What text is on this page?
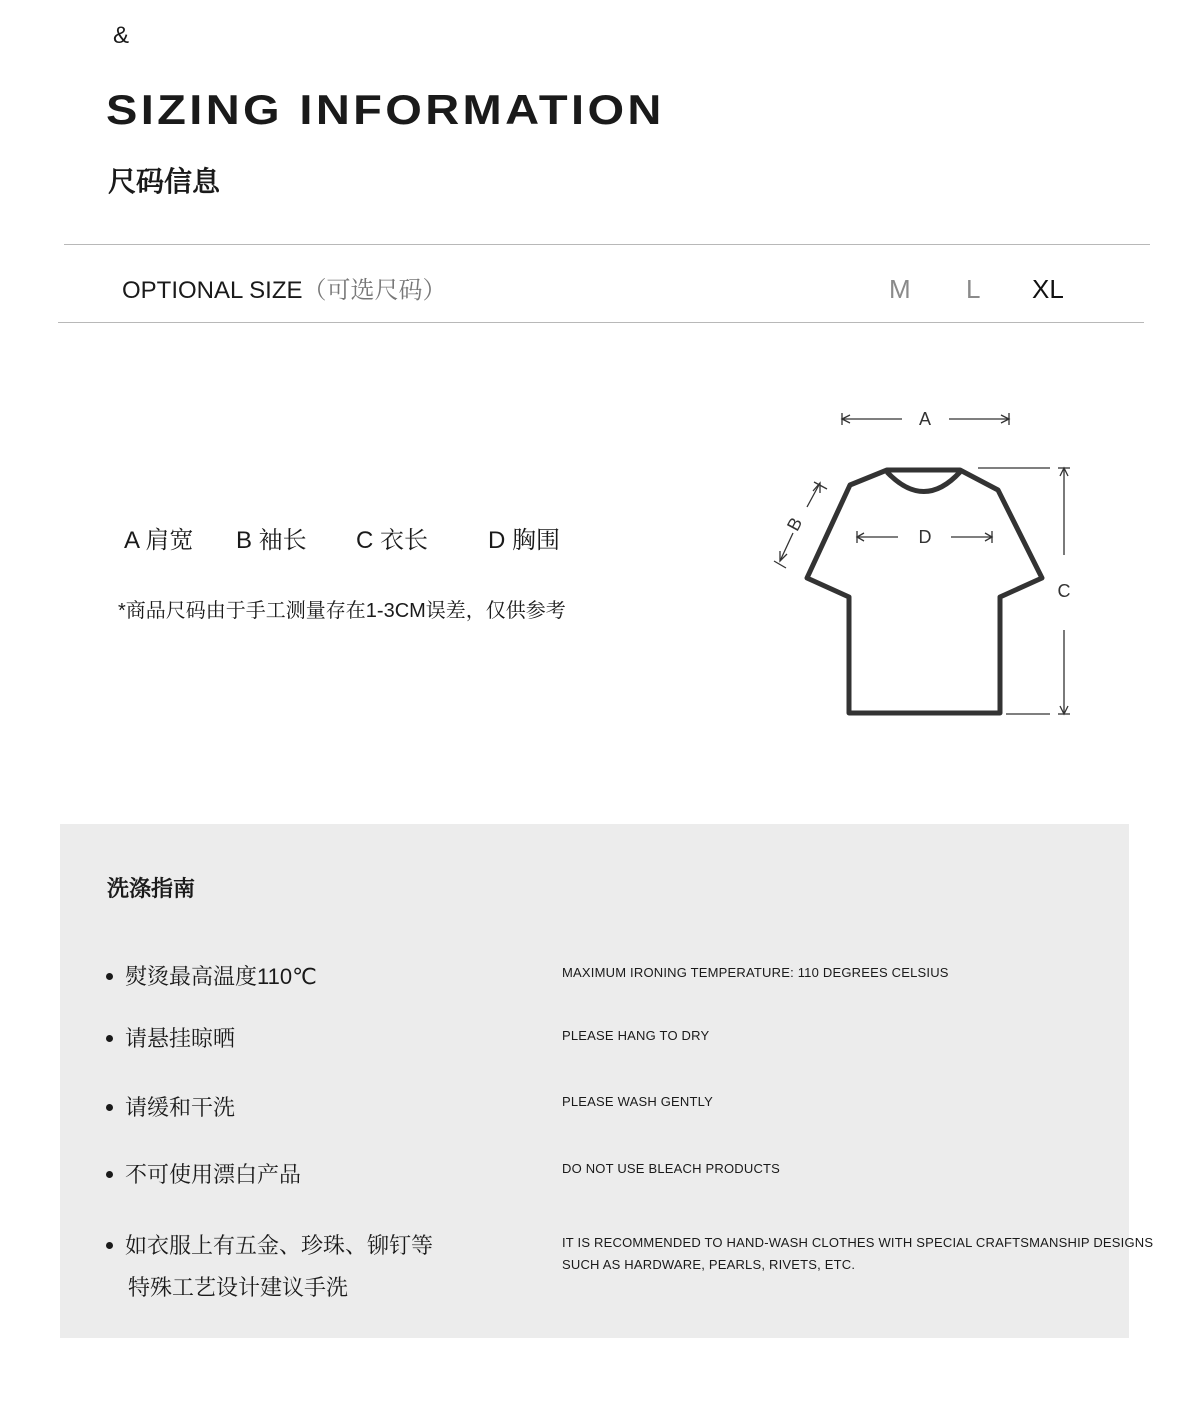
&
SIZING INFORMATION
尺码信息
OPTIONAL SIZE（可选尺码）	M L XL
A 肩宽 B 袖长 C 衣长	D 胸围
*商品尺码由于手工测量存在1-3CM误差，仅供参考
A
B
D
C
洗涤指南
熨烫最高温度110℃	MAXIMUM IRONING TEMPERATURE: 110 DEGREES CELSIUS
请悬挂晾晒	PLEASE HANG TO DRY
请缓和干洗	PLEASE WASH GENTLY
不可使用漂白产品	DO NOT USE BLEACH PRODUCTS
如衣服上有五金、珍珠、铆钉等
特殊工艺设计建议手洗
IT IS RECOMMENDED TO HAND-WASH CLOTHES WITH SPECIAL CRAFTSMANSHIP DESIGNS
SUCH AS HARDWARE, PEARLS, RIVETS, ETC.
